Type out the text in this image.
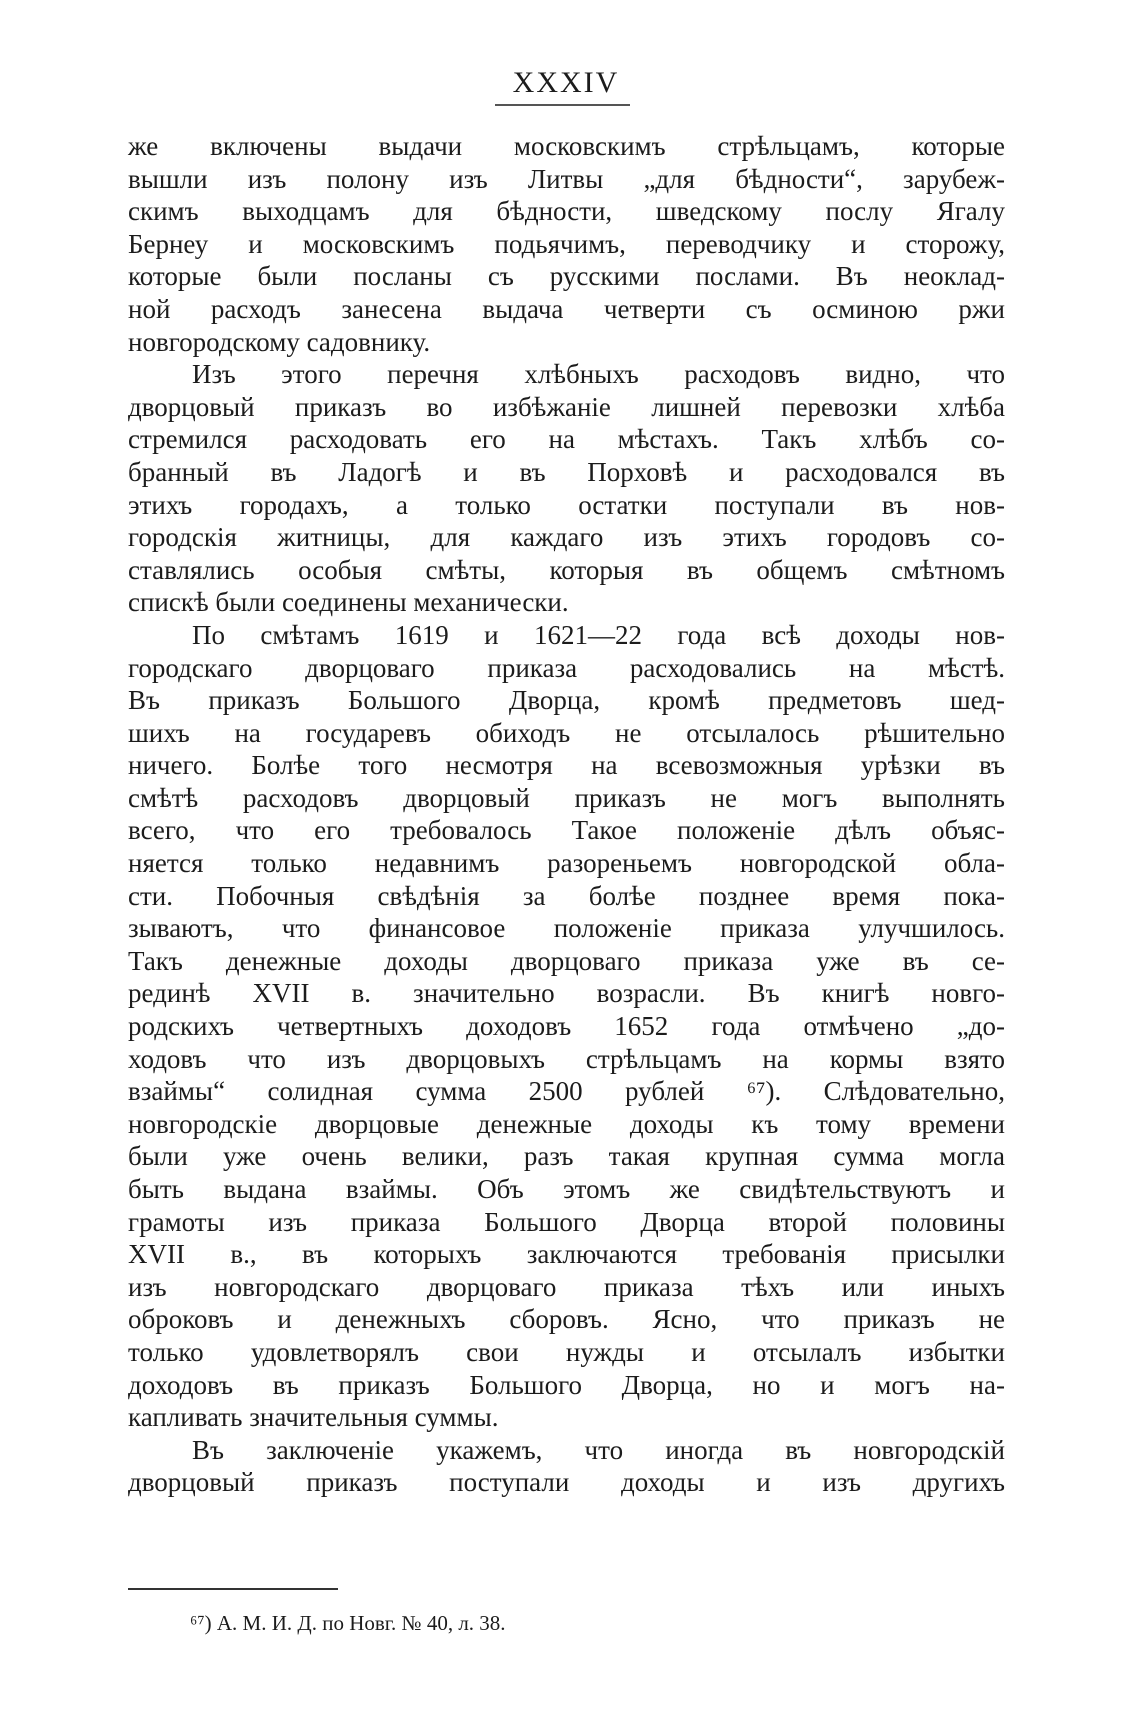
XXXIV
же включены выдачи московскимъ стрѣльцамъ, которые
вышли изъ полону изъ Литвы „для бѣдности“, зарубеж-
скимъ выходцамъ для бѣдности, шведскому послу Ягалу
Бернеу и московскимъ подьячимъ, переводчику и сторожу,
которые были посланы съ русскими послами. Въ неоклад-
ной расходъ занесена выдача четверти съ осминою ржи
новгородскому садовнику.
Изъ этого перечня хлѣбныхъ расходовъ видно, что
дворцовый приказъ во избѣжаніе лишней перевозки хлѣба
стремился расходовать его на мѣстахъ. Такъ хлѣбъ со-
бранный въ Ладогѣ и въ Порховѣ и расходовался въ
этихъ городахъ, а только остатки поступали въ нов-
городскія житницы, для каждаго изъ этихъ городовъ со-
ставлялись особыя смѣты, которыя въ общемъ смѣтномъ
спискѣ были соединены механически.
По смѣтамъ 1619 и 1621—22 года всѣ доходы нов-
городскаго дворцоваго приказа расходовались на мѣстѣ.
Въ приказъ Большого Дворца, кромѣ предметовъ шед-
шихъ на государевъ обиходъ не отсылалось рѣшительно
ничего. Болѣе того несмотря на всевозможныя урѣзки въ
смѣтѣ расходовъ дворцовый приказъ не могъ выполнять
всего, что его требовалось Такое положеніе дѣлъ объяс-
няется только недавнимъ разореньемъ новгородской обла-
сти. Побочныя свѣдѣнія за болѣе позднее время пока-
зываютъ, что финансовое положеніе приказа улучшилось.
Такъ денежные доходы дворцоваго приказа уже въ се-
рединѣ XVII в. значительно возрасли. Въ книгѣ новго-
родскихъ четвертныхъ доходовъ 1652 года отмѣчено „до-
ходовъ что изъ дворцовыхъ стрѣльцамъ на кормы взято
взаймы“ солидная сумма 2500 рублей ⁶⁷). Слѣдовательно,
новгородскіе дворцовые денежные доходы къ тому времени
были уже очень велики, разъ такая крупная сумма могла
быть выдана взаймы. Объ этомъ же свидѣтельствуютъ и
грамоты изъ приказа Большого Дворца второй половины
XVII в., въ которыхъ заключаются требованія присылки
изъ новгородскаго дворцоваго приказа тѣхъ или иныхъ
оброковъ и денежныхъ сборовъ. Ясно, что приказъ не
только удовлетворялъ свои нужды и отсылалъ избытки
доходовъ въ приказъ Большого Дворца, но и могъ на-
капливать значительныя суммы.
Въ заключеніе укажемъ, что иногда въ новгородскій
дворцовый приказъ поступали доходы и изъ другихъ
⁶⁷) А. М. И. Д. по Новг. № 40, л. 38.
